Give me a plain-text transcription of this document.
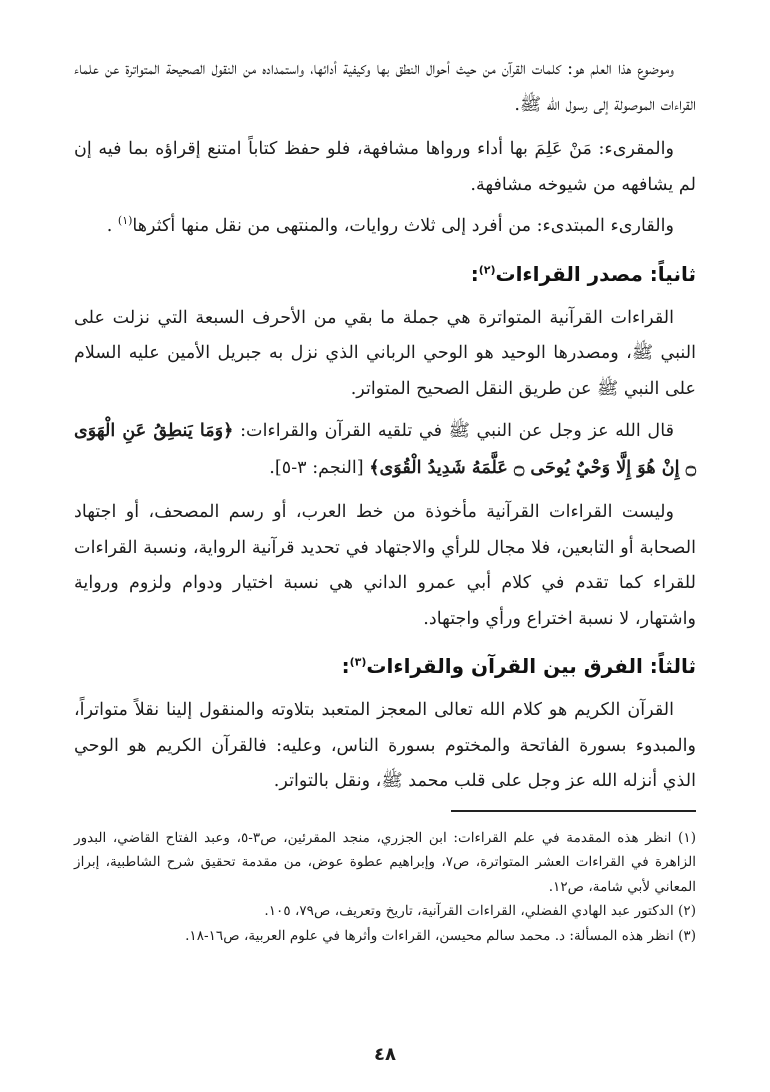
وموضوع هذا العلم هو: كلمات القرآن من حيث أحوال النطق بها وكيفية أدائها، واستمداده من النقول الصحيحة المتواترة عن علماء القراءات الموصولة إلى رسول الله ﷺ.

والمقرىء: مَنْ عَلِمَ بها أداء ورواها مشافهة، فلو حفظ كتاباً امتنع إقراؤه بما فيه إن لم يشافهه من شيوخه مشافهة.

والقارىء المبتدىء: من أفرد إلى ثلاث روايات، والمنتهى من نقل منها أكثرها$^{(١)}$ .

ثانياً: مصدر القراءات$^{(٢)}$:

القراءات القرآنية المتواترة هي جملة ما بقي من الأحرف السبعة التي نزلت على النبي ﷺ، ومصدرها الوحيد هو الوحي الرباني الذي نزل به جبريل الأمين عليه السلام على النبي ﷺ عن طريق النقل الصحيح المتواتر.

قال الله عز وجل عن النبي ﷺ في تلقيه القرآن والقراءات: ﴿وَمَا يَنطِقُ عَنِ الْهَوَى ۝ إِنْ هُوَ إِلَّا وَحْيٌ يُوحَى ۝ عَلَّمَهُ شَدِيدُ الْقُوَى﴾ [النجم: ٣-٥].

وليست القراءات القرآنية مأخوذة من خط العرب، أو رسم المصحف، أو اجتهاد الصحابة أو التابعين، فلا مجال للرأي والاجتهاد في تحديد قرآنية الرواية، ونسبة القراءات للقراء كما تقدم في كلام أبي عمرو الداني هي نسبة اختيار ودوام ولزوم ورواية واشتهار، لا نسبة اختراع ورأي واجتهاد.

ثالثاً: الفرق بين القرآن والقراءات$^{(٣)}$:

القرآن الكريم هو كلام الله تعالى المعجز المتعبد بتلاوته والمنقول إلينا نقلاً متواتراً، والمبدوء بسورة الفاتحة والمختوم بسورة الناس، وعليه: فالقرآن الكريم هو الوحي الذي أنزله الله عز وجل على قلب محمد ﷺ، ونقل بالتواتر.

(١) انظر هذه المقدمة في علم القراءات: ابن الجزري، منجد المقرئين، ص٣-٥، وعبد الفتاح القاضي، البدور الزاهرة في القراءات العشر المتواترة، ص٧، وإبراهيم عطوة عوض، من مقدمة تحقيق شرح الشاطبية، إبراز المعاني لأبي شامة، ص١٢.

(٢) الدكتور عبد الهادي الفضلي، القراءات القرآنية، تاريخ وتعريف، ص٧٩، ١٠٥.

(٣) انظر هذه المسألة: د. محمد سالم محيسن، القراءات وأثرها في علوم العربية، ص١٦-١٨.

٤٨
